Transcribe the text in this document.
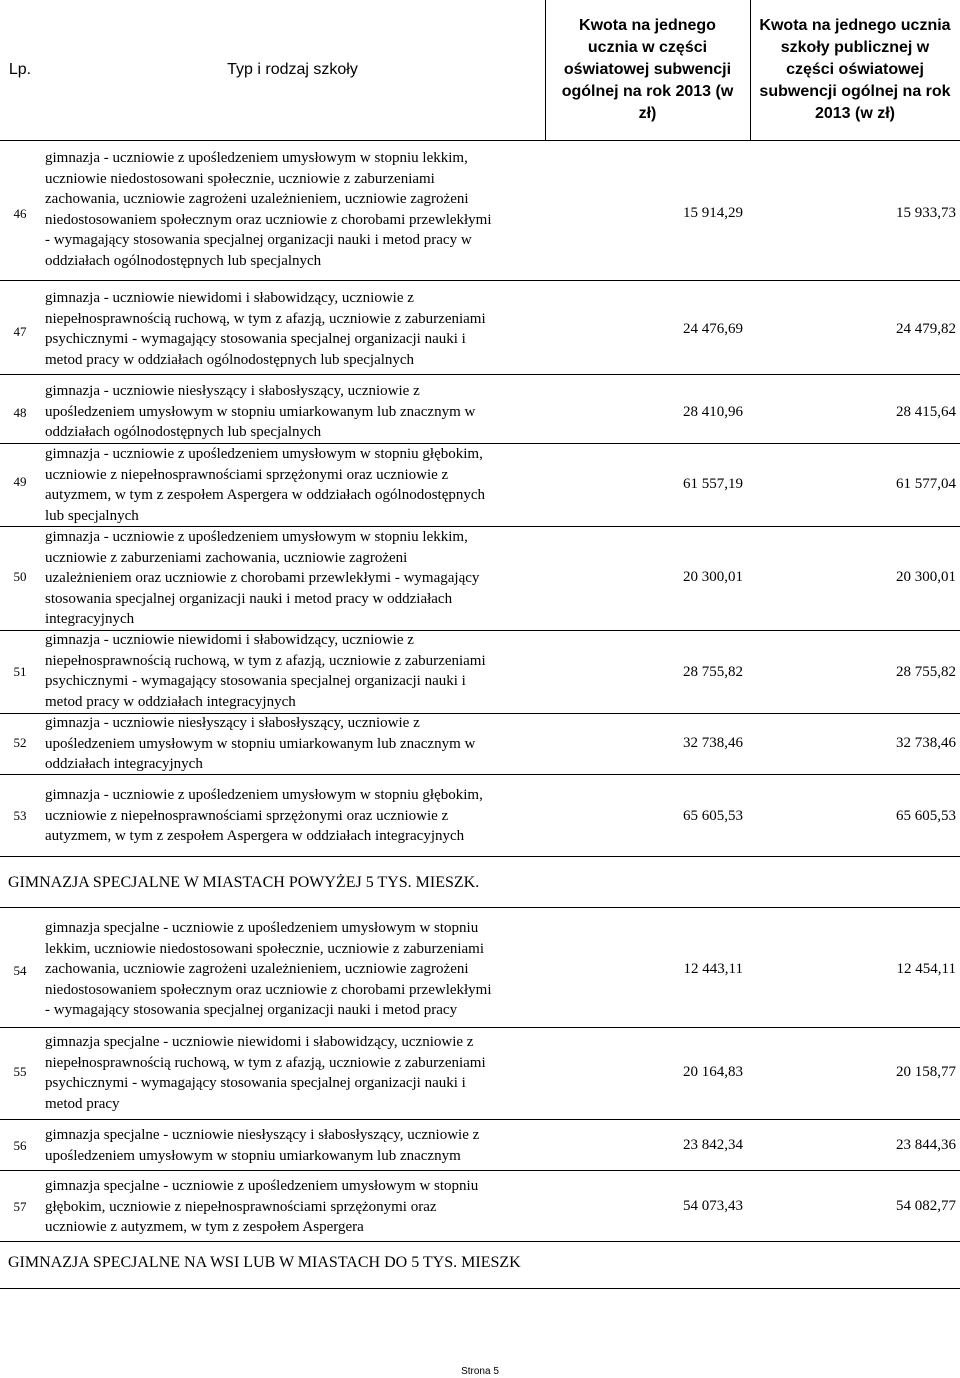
Lp.	Typ i rodzaj szkoły
Kwota na jednego
ucznia w części
oświatowej subwencji
ogólnej na rok 2013 (w
zł)
Kwota na jednego ucznia
szkoły publicznej w
części oświatowej
subwencji ogólnej na rok
2013 (w zł)
46
gimnazja - uczniowie z upośledzeniem umysłowym w stopniu lekkim,
uczniowie niedostosowani społecznie, uczniowie z zaburzeniami
zachowania, uczniowie zagrożeni uzależnieniem, uczniowie zagrożeni
niedostosowaniem społecznym oraz uczniowie z chorobami przewlekłymi
- wymagający stosowania specjalnej organizacji nauki i metod pracy w
oddziałach ogólnodostępnych lub specjalnych
15 914,29	15 933,73
47
gimnazja - uczniowie niewidomi i słabowidzący, uczniowie z
niepełnosprawnością ruchową, w tym z afazją, uczniowie z zaburzeniami
psychicznymi - wymagający stosowania specjalnej organizacji nauki i
metod pracy w oddziałach ogólnodostępnych lub specjalnych
24 476,69	24 479,82
48
gimnazja - uczniowie niesłyszący i słabosłyszący, uczniowie z
upośledzeniem umysłowym w stopniu umiarkowanym lub znacznym w
oddziałach ogólnodostępnych lub specjalnych
28 410,96	28 415,64
49
gimnazja - uczniowie z upośledzeniem umysłowym w stopniu głębokim,
uczniowie z niepełnosprawnościami sprzężonymi oraz uczniowie z
autyzmem, w tym z zespołem Aspergera w oddziałach ogólnodostępnych
lub specjalnych
61 557,19	61 577,04
50
gimnazja - uczniowie z upośledzeniem umysłowym w stopniu lekkim,
uczniowie z zaburzeniami zachowania, uczniowie zagrożeni
uzależnieniem oraz uczniowie z chorobami przewlekłymi - wymagający
stosowania specjalnej organizacji nauki i metod pracy w oddziałach
integracyjnych
20 300,01	20 300,01
51
gimnazja - uczniowie niewidomi i słabowidzący, uczniowie z
niepełnosprawnością ruchową, w tym z afazją, uczniowie z zaburzeniami
psychicznymi - wymagający stosowania specjalnej organizacji nauki i
metod pracy w oddziałach integracyjnych
28 755,82	28 755,82
52
gimnazja - uczniowie niesłyszący i słabosłyszący, uczniowie z
upośledzeniem umysłowym w stopniu umiarkowanym lub znacznym w
oddziałach integracyjnych
32 738,46	32 738,46
53
gimnazja - uczniowie z upośledzeniem umysłowym w stopniu głębokim,
uczniowie z niepełnosprawnościami sprzężonymi oraz uczniowie z
autyzmem, w tym z zespołem Aspergera w oddziałach integracyjnych
65 605,53	65 605,53
GIMNAZJA SPECJALNE W MIASTACH POWYŻEJ 5 TYS. MIESZK.
54
gimnazja specjalne - uczniowie z upośledzeniem umysłowym w stopniu
lekkim, uczniowie niedostosowani społecznie, uczniowie z zaburzeniami
zachowania, uczniowie zagrożeni uzależnieniem, uczniowie zagrożeni
niedostosowaniem społecznym oraz uczniowie z chorobami przewlekłymi
- wymagający stosowania specjalnej organizacji nauki i metod pracy
12 443,11	12 454,11
55
gimnazja specjalne - uczniowie niewidomi i słabowidzący, uczniowie z
niepełnosprawnością ruchową, w tym z afazją, uczniowie z zaburzeniami
psychicznymi - wymagający stosowania specjalnej organizacji nauki i
metod pracy
20 164,83	20 158,77
56
gimnazja specjalne - uczniowie niesłyszący i słabosłyszący, uczniowie z
upośledzeniem umysłowym w stopniu umiarkowanym lub znacznym
23 842,34	23 844,36
57
gimnazja specjalne - uczniowie z upośledzeniem umysłowym w stopniu
głębokim, uczniowie z niepełnosprawnościami sprzężonymi oraz
uczniowie z autyzmem, w tym z zespołem Aspergera
54 073,43	54 082,77
GIMNAZJA SPECJALNE NA WSI LUB W MIASTACH DO 5 TYS. MIESZK
Strona 5
